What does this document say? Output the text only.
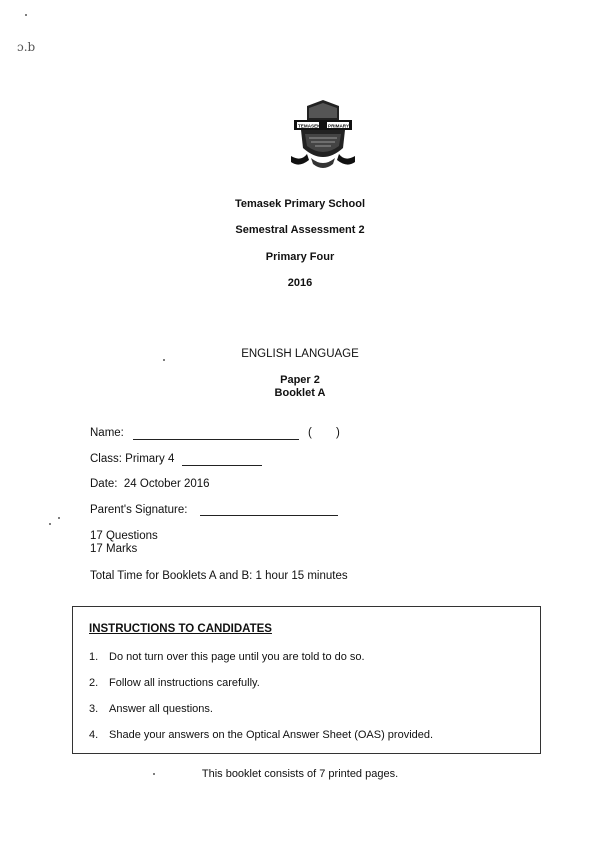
ɔ.b
TEMASEK PRIMARY
Temasek Primary School
Semestral Assessment 2
Primary Four
2016
ENGLISH LANGUAGE
Paper 2
Booklet A
Name:	( )
Class: Primary 4
Date: 24 October 2016
Parent's Signature:
17 Questions
17 Marks
Total Time for Booklets A and B: 1 hour 15 minutes
INSTRUCTIONS TO CANDIDATES
1. Do not turn over this page until you are told to do so.
2. Follow all instructions carefully.
3. Answer all questions.
4. Shade your answers on the Optical Answer Sheet (OAS) provided.
This booklet consists of 7 printed pages.
